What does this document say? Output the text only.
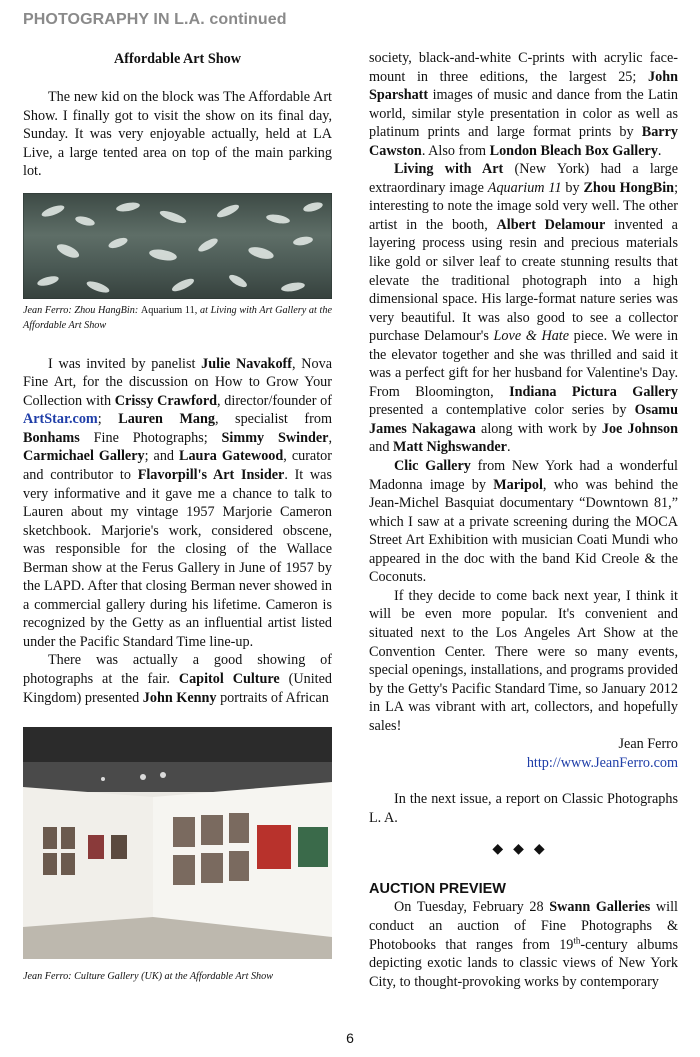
PHOTOGRAPHY IN L.A. continued
Affordable Art Show

The new kid on the block was The Affordable Art Show. I finally got to visit the show on its final day, Sunday. It was very enjoyable actually, held at LA Live, a large tented area on top of the main parking lot.

Jean Ferro: Zhou HangBin: Aquarium 11, at Living with Art Gallery at the Affordable Art Show

I was invited by panelist Julie Navakoff, Nova Fine Art, for the discussion on How to Grow Your Collection with Crissy Crawford, director/founder of ArtStar.com; Lauren Mang, specialist from Bonhams Fine Photographs; Simmy Swinder, Carmichael Gallery; and Laura Gatewood, curator and contributor to Flavorpill's Art Insider. It was very informative and it gave me a chance to talk to Lauren about my vintage 1957 Marjorie Cameron sketchbook. Marjorie's work, considered obscene, was responsible for the closing of the Wallace Berman show at the Ferus Gallery in June of 1957 by the LAPD. After that closing Berman never showed in a commercial gallery during his lifetime. Cameron is recognized by the Getty as an influential artist listed under the Pacific Standard Time line-up.

There was actually a good showing of photographs at the fair. Capitol Culture (United Kingdom) presented John Kenny portraits of African

Jean Ferro: Culture Gallery (UK) at the Affordable Art Show

society, black-and-white C-prints with acrylic face-mount in three editions, the largest 25; John Sparshatt images of music and dance from the Latin world, similar style presentation in color as well as platinum prints and large format prints by Barry Cawston. Also from London Bleach Box Gallery.

Living with Art (New York) had a large extraordinary image Aquarium 11 by Zhou HongBin; interesting to note the image sold very well. The other artist in the booth, Albert Delamour invented a layering process using resin and precious materials like gold or silver leaf to create stunning results that elevate the traditional photograph into a high dimensional space. His large-format nature series was very beautiful. It was also good to see a collector purchase Delamour's Love & Hate piece. We were in the elevator together and she was thrilled and said it was a perfect gift for her husband for Valentine's Day. From Bloomington, Indiana Pictura Gallery presented a contemplative color series by Osamu James Nakagawa along with work by Joe Johnson and Matt Nighswander.

Clic Gallery from New York had a wonderful Madonna image by Maripol, who was behind the Jean-Michel Basquiat documentary “Downtown 81,” which I saw at a private screening during the MOCA Street Art Exhibition with musician Coati Mundi who appeared in the doc with the band Kid Creole & the Coconuts.

If they decide to come back next year, I think it will be even more popular. It's convenient and situated next to the Los Angeles Art Show at the Convention Center. There were so many events, special openings, installations, and programs provided by the Getty's Pacific Standard Time, so January 2012 in LA was vibrant with art, collectors, and hopefully sales!

Jean Ferro

http://www.JeanFerro.com

In the next issue, a report on Classic Photographs L. A.

◆◆◆
AUCTION PREVIEW

On Tuesday, February 28 Swann Galleries will conduct an auction of Fine Photographs & Photobooks that ranges from 19th-century albums depicting exotic lands to classic views of New York City, to thought-provoking works by contemporary

6
